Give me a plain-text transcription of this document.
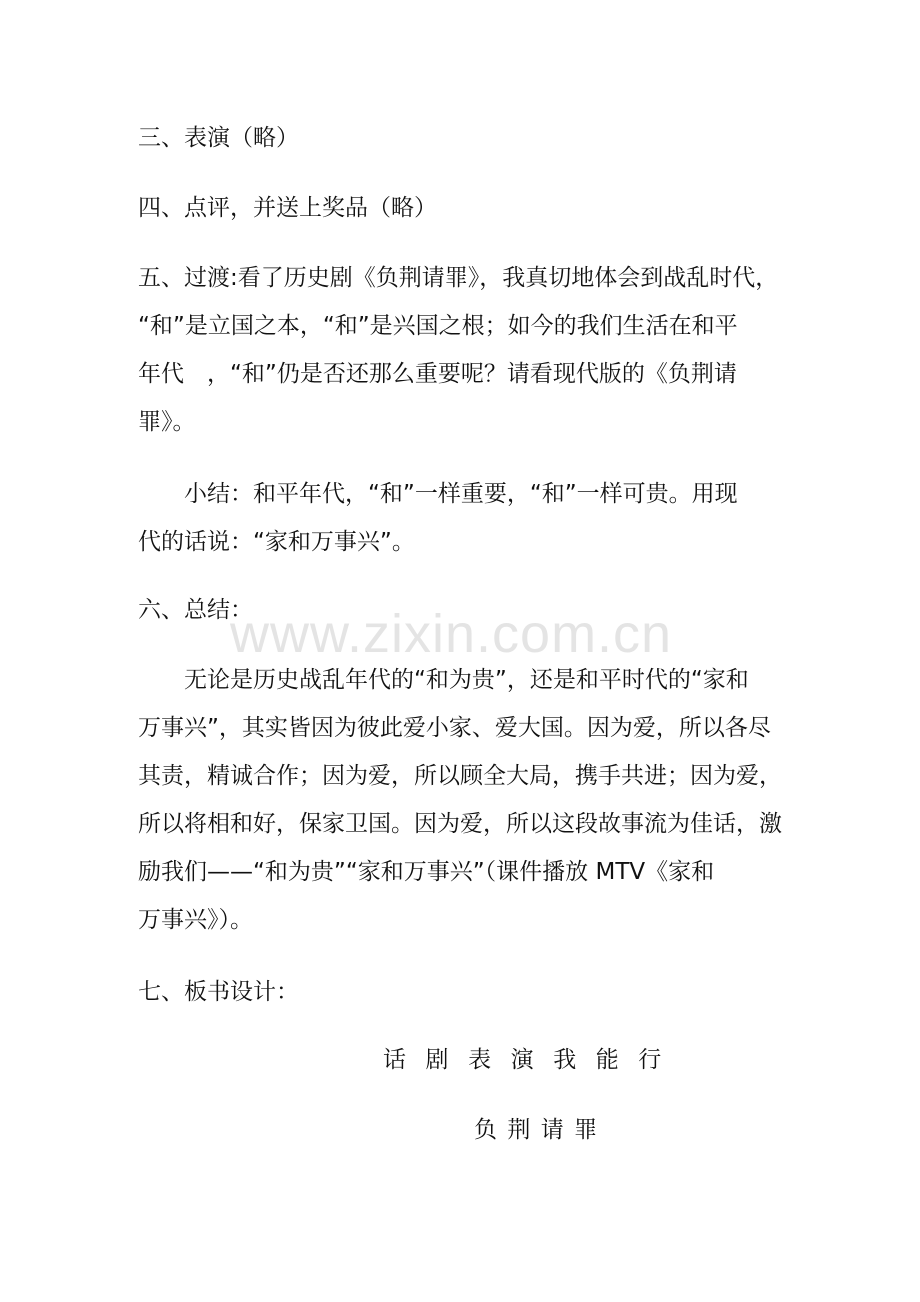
三、表演（略）

四、点评，并送上奖品（略）

五、过渡:看了历史剧《负荆请罪》，我真切地体会到战乱时代，
“和”是立国之本，“和”是兴国之根；如今的我们生活在和平
年代　，“和”仍是否还那么重要呢？请看现代版的《负荆请
罪》。
小结：和平年代，“和”一样重要，“和”一样可贵。用现
代的话说：“家和万事兴”。

六、总结：

无论是历史战乱年代的“和为贵”，还是和平时代的“家和
万事兴”，其实皆因为彼此爱小家、爱大国。因为爱，所以各尽
其责，精诚合作；因为爱，所以顾全大局，携手共进；因为爱，
所以将相和好，保家卫国。因为爱，所以这段故事流为佳话，激
励我们——“和为贵”“家和万事兴”（课件播放 MTV《家和
万事兴》）。

七、板书设计：

话剧表演我能行
负荆请罪
www.zixin.com.cn
